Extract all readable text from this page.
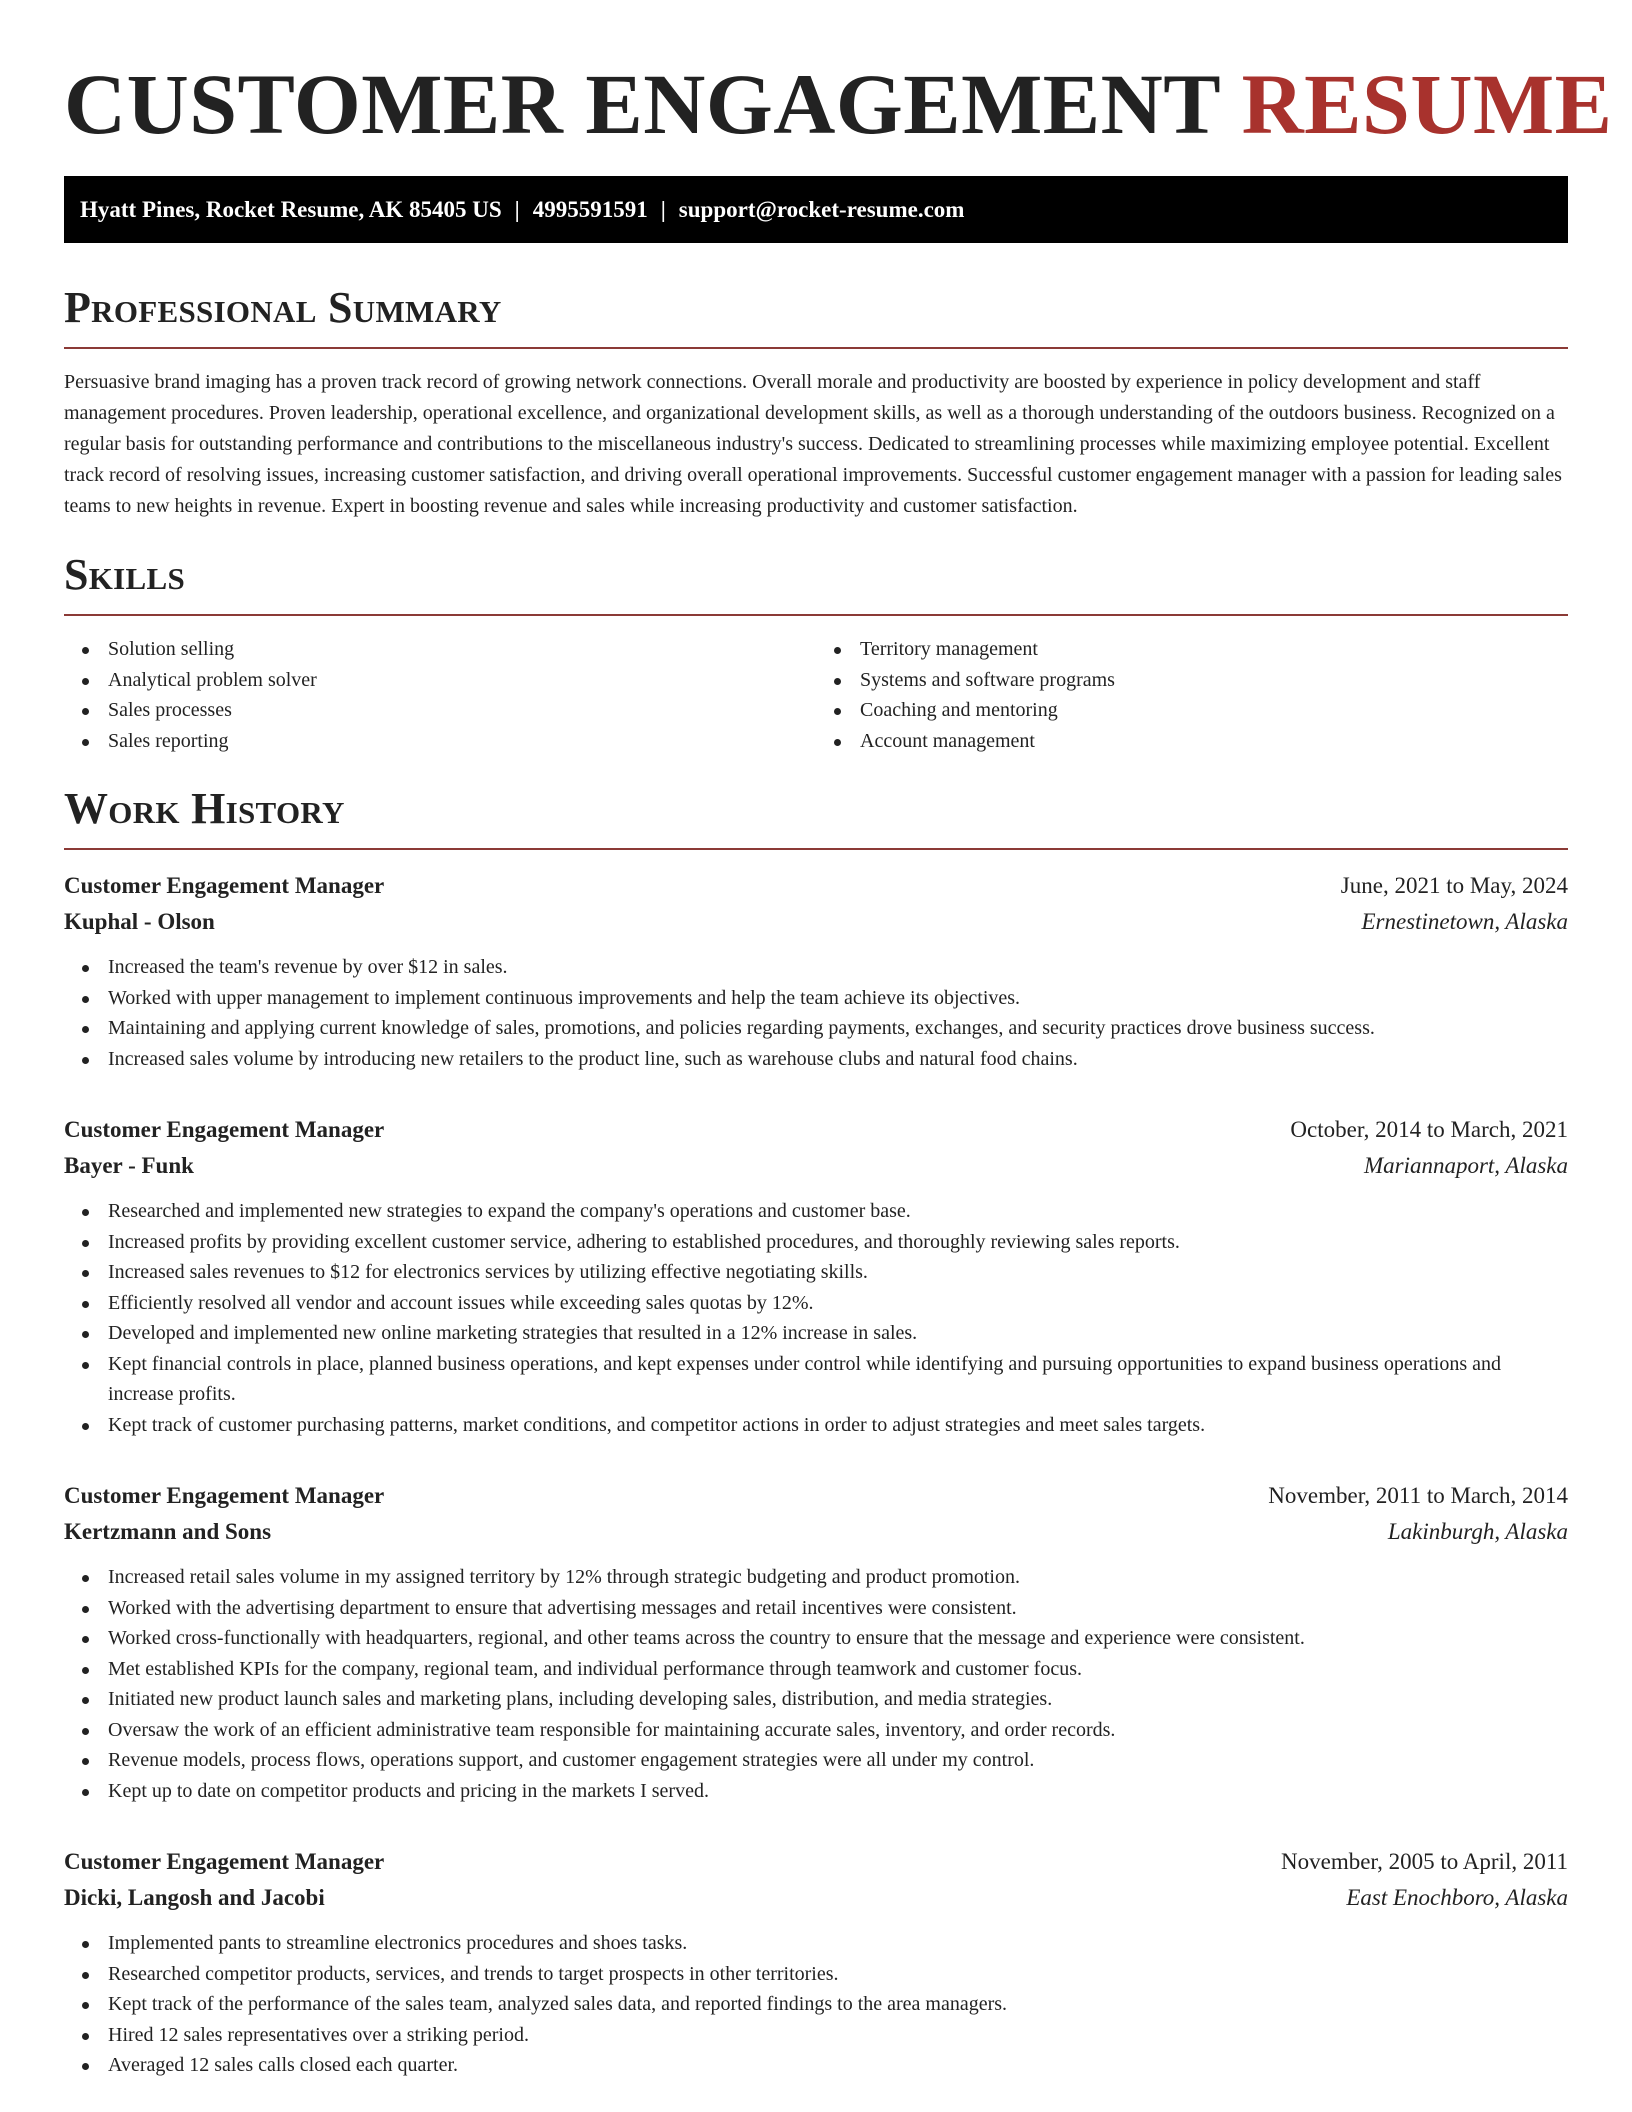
CUSTOMER ENGAGEMENT RESUME
Hyatt Pines, Rocket Resume, AK 85405 US | 4995591591 | support@rocket-resume.com
Professional Summary

Persuasive brand imaging has a proven track record of growing network connections. Overall morale and productivity are boosted by experience in policy development and staff management procedures. Proven leadership, operational excellence, and organizational development skills, as well as a thorough understanding of the outdoors business. Recognized on a regular basis for outstanding performance and contributions to the miscellaneous industry's success. Dedicated to streamlining processes while maximizing employee potential. Excellent track record of resolving issues, increasing customer satisfaction, and driving overall operational improvements. Successful customer engagement manager with a passion for leading sales teams to new heights in revenue. Expert in boosting revenue and sales while increasing productivity and customer satisfaction.

Skills
Solution selling
Analytical problem solver
Sales processes
Sales reporting
Territory management
Systems and software programs
Coaching and mentoring
Account management
Work History
Customer Engagement Manager	June, 2021 to May, 2024
Kuphal - Olson	Ernestinetown, Alaska
Increased the team's revenue by over $12 in sales.
Worked with upper management to implement continuous improvements and help the team achieve its objectives.
Maintaining and applying current knowledge of sales, promotions, and policies regarding payments, exchanges, and security practices drove business success.
Increased sales volume by introducing new retailers to the product line, such as warehouse clubs and natural food chains.
Customer Engagement Manager	October, 2014 to March, 2021
Bayer - Funk	Mariannaport, Alaska
Researched and implemented new strategies to expand the company's operations and customer base.
Increased profits by providing excellent customer service, adhering to established procedures, and thoroughly reviewing sales reports.
Increased sales revenues to $12 for electronics services by utilizing effective negotiating skills.
Efficiently resolved all vendor and account issues while exceeding sales quotas by 12%.
Developed and implemented new online marketing strategies that resulted in a 12% increase in sales.
Kept financial controls in place, planned business operations, and kept expenses under control while identifying and pursuing opportunities to expand business operations and increase profits.
Kept track of customer purchasing patterns, market conditions, and competitor actions in order to adjust strategies and meet sales targets.
Customer Engagement Manager	November, 2011 to March, 2014
Kertzmann and Sons	Lakinburgh, Alaska
Increased retail sales volume in my assigned territory by 12% through strategic budgeting and product promotion.
Worked with the advertising department to ensure that advertising messages and retail incentives were consistent.
Worked cross-functionally with headquarters, regional, and other teams across the country to ensure that the message and experience were consistent.
Met established KPIs for the company, regional team, and individual performance through teamwork and customer focus.
Initiated new product launch sales and marketing plans, including developing sales, distribution, and media strategies.
Oversaw the work of an efficient administrative team responsible for maintaining accurate sales, inventory, and order records.
Revenue models, process flows, operations support, and customer engagement strategies were all under my control.
Kept up to date on competitor products and pricing in the markets I served.
Customer Engagement Manager	November, 2005 to April, 2011
Dicki, Langosh and Jacobi	East Enochboro, Alaska
Implemented pants to streamline electronics procedures and shoes tasks.
Researched competitor products, services, and trends to target prospects in other territories.
Kept track of the performance of the sales team, analyzed sales data, and reported findings to the area managers.
Hired 12 sales representatives over a striking period.
Averaged 12 sales calls closed each quarter.
